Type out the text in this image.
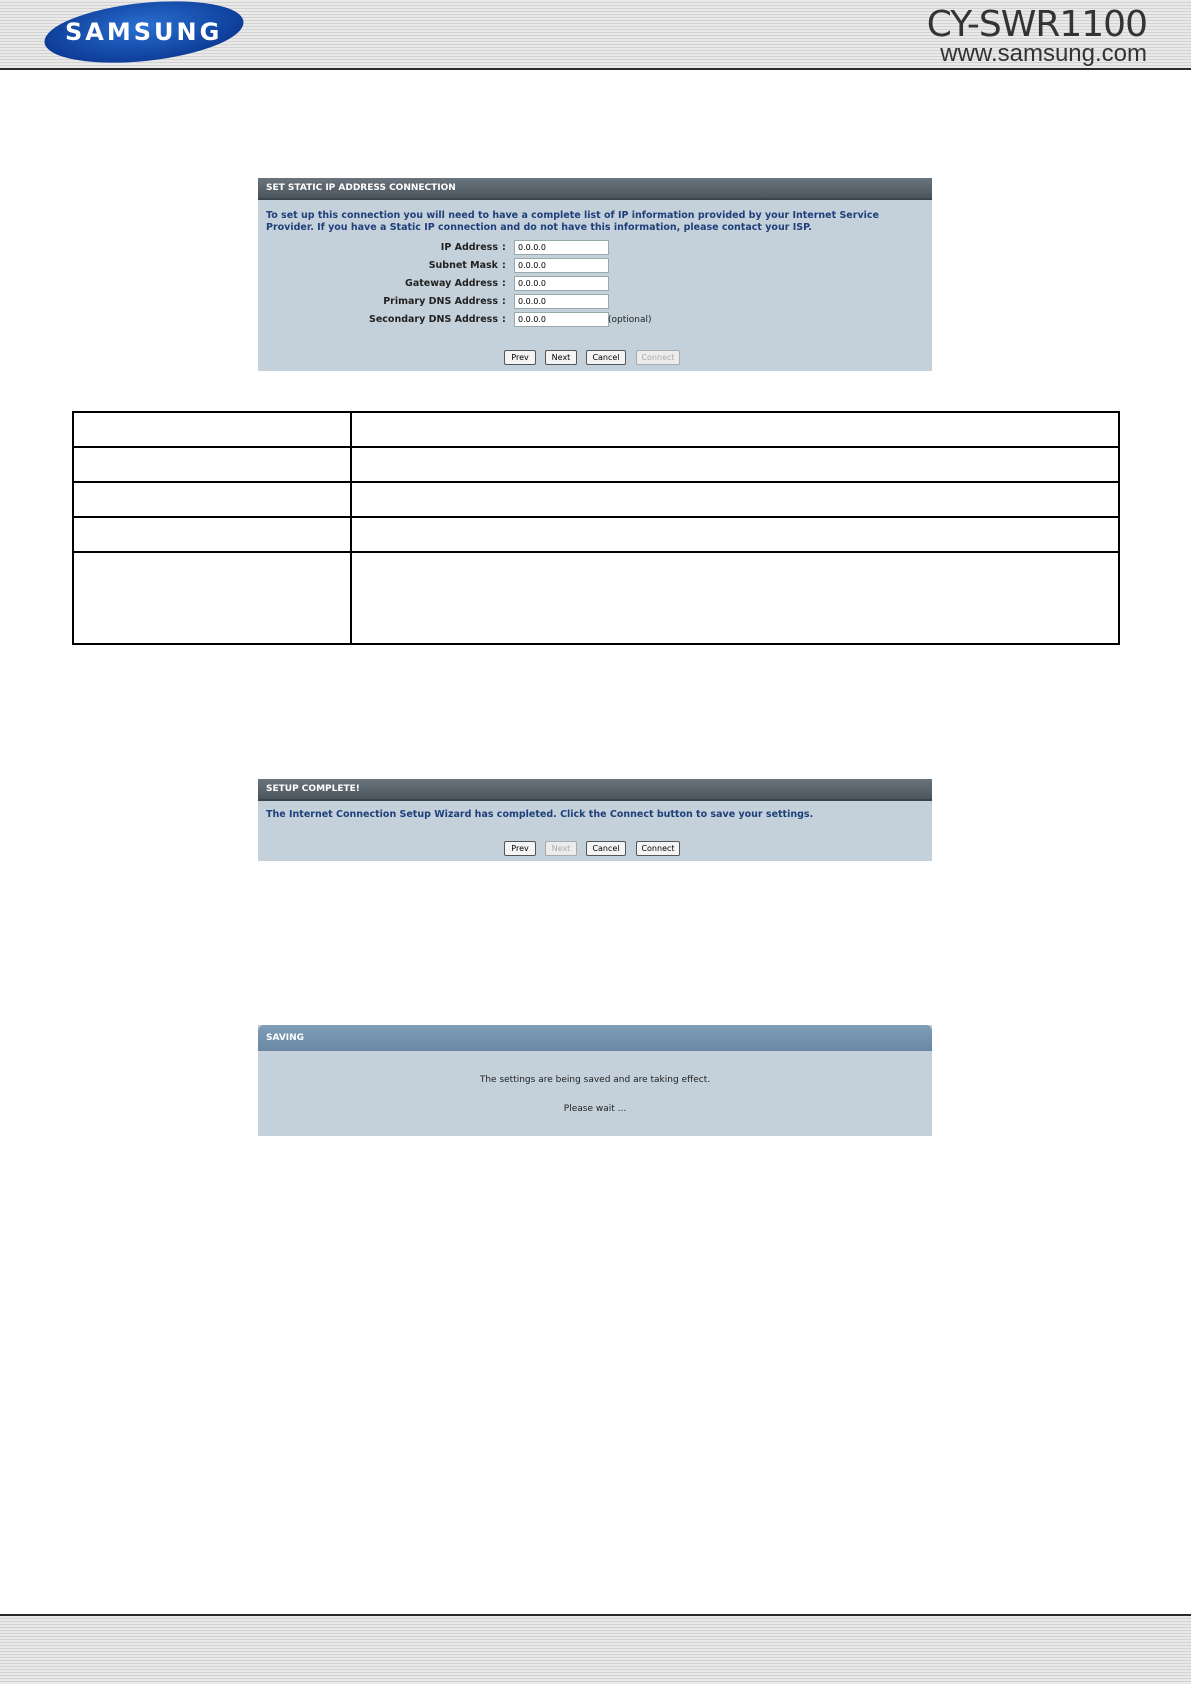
SAMSUNG	CY-SWR1100
www.samsung.com
SET STATIC IP ADDRESS CONNECTION
To set up this connection you will need to have a complete list of IP information provided by your Internet Service Provider. If you have a Static IP connection and do not have this information, please contact your ISP.
IP Address :	0.0.0.0
Subnet Mask :	0.0.0.0
Gateway Address :	0.0.0.0
Primary DNS Address :	0.0.0.0
Secondary DNS Address :	0.0.0.0	(optional)
Prev	Next	Cancel	Connect

SETUP COMPLETE!
The Internet Connection Setup Wizard has completed. Click the Connect button to save your settings.
Prev	Next	Cancel	Connect
SAVING
The settings are being saved and are taking effect.
Please wait ...
